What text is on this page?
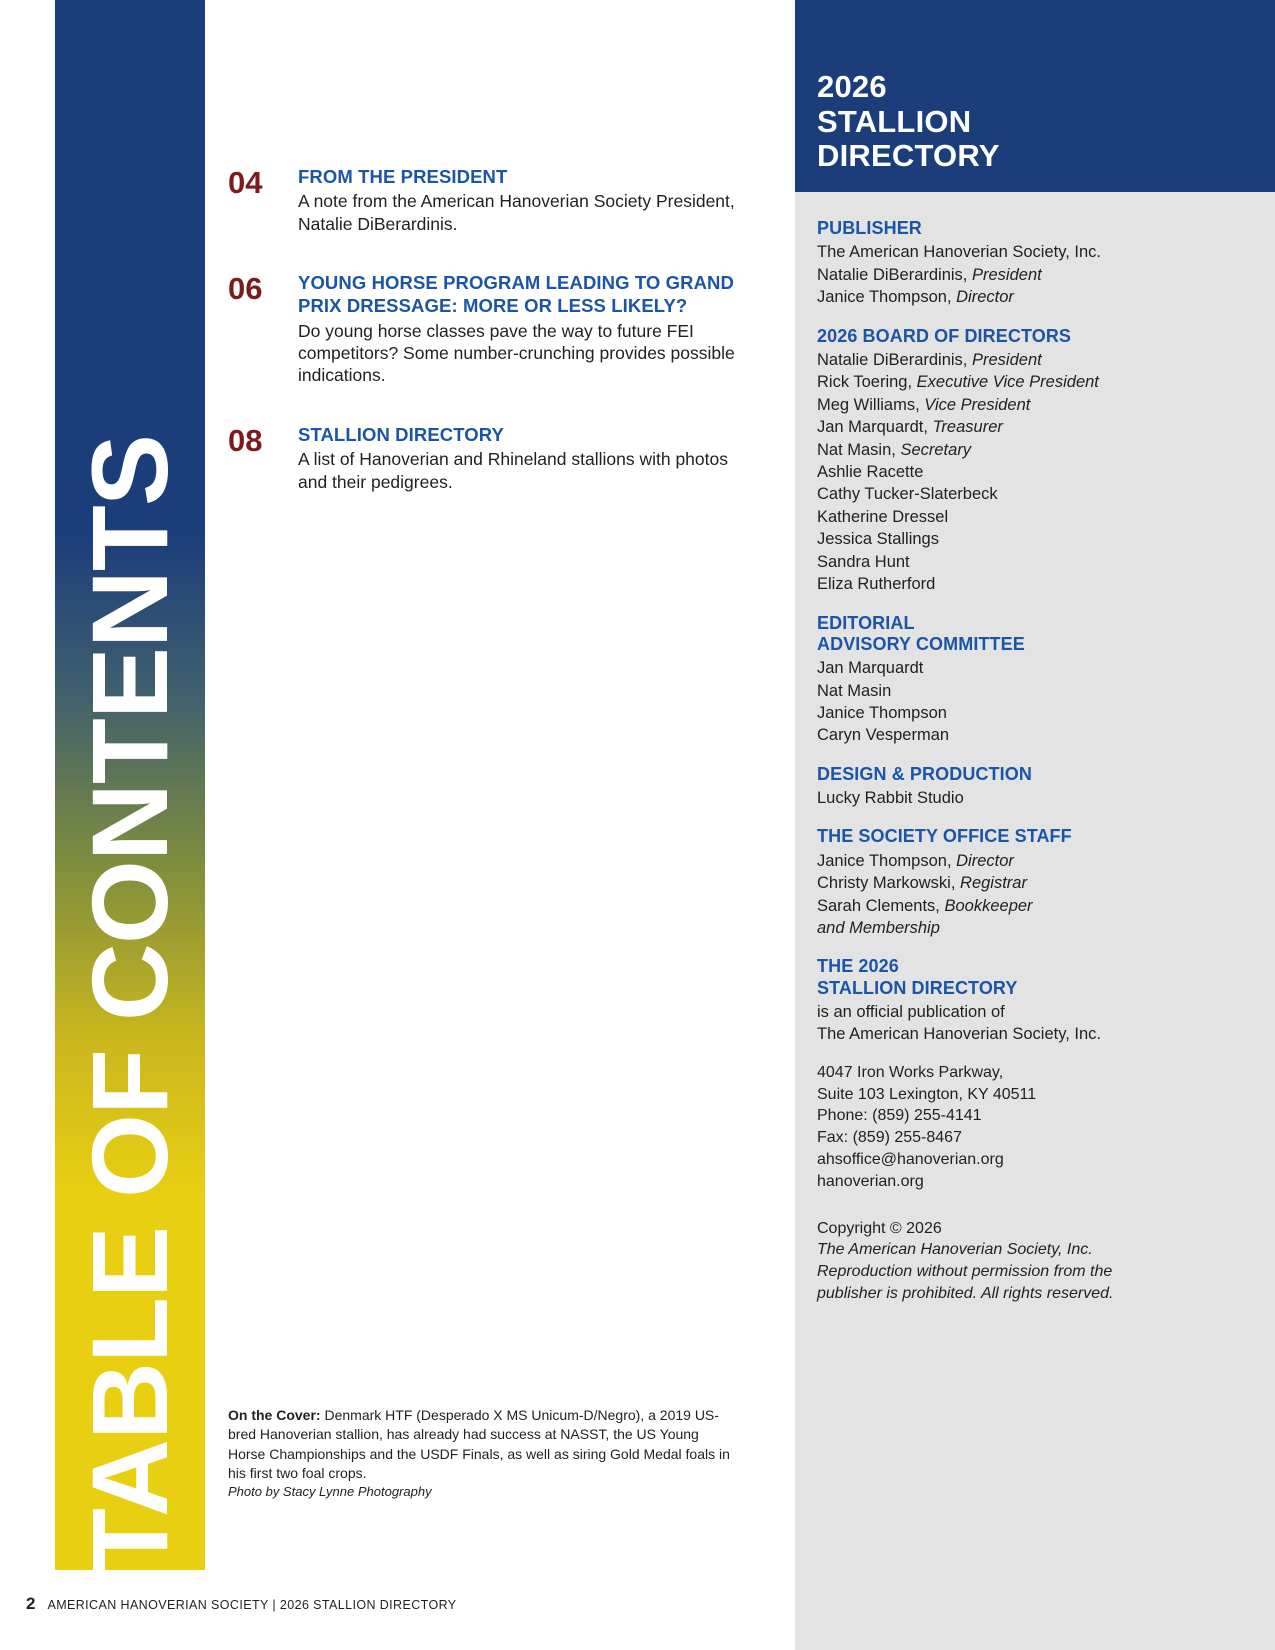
TABLE OF CONTENTS
04	FROM THE PRESIDENT
A note from the American Hanoverian Society President, Natalie DiBerardinis.
06	YOUNG HORSE PROGRAM LEADING TO GRAND PRIX DRESSAGE: MORE OR LESS LIKELY?
Do young horse classes pave the way to future FEI competitors? Some number-crunching provides possible indications.
08	STALLION DIRECTORY
A list of Hanoverian and Rhineland stallions with photos and their pedigrees.
On the Cover: Denmark HTF (Desperado X MS Unicum-D/Negro), a 2019 US-bred Hanoverian stallion, has already had success at NASST, the US Young Horse Championships and the USDF Finals, as well as siring Gold Medal foals in his first two foal crops.
Photo by Stacy Lynne Photography
2 AMERICAN HANOVERIAN SOCIETY | 2026 STALLION DIRECTORY
2026
STALLION
DIRECTORY
PUBLISHER

The American Hanoverian Society, Inc.

Natalie DiBerardinis, President

Janice Thompson, Director

2026 BOARD OF DIRECTORS

Natalie DiBerardinis, President

Rick Toering, Executive Vice President

Meg Williams, Vice President

Jan Marquardt, Treasurer

Nat Masin, Secretary

Ashlie Racette

Cathy Tucker-Slaterbeck

Katherine Dressel

Jessica Stallings

Sandra Hunt

Eliza Rutherford

EDITORIAL
ADVISORY COMMITTEE

Jan Marquardt

Nat Masin

Janice Thompson

Caryn Vesperman

DESIGN & PRODUCTION

Lucky Rabbit Studio

THE SOCIETY OFFICE STAFF

Janice Thompson, Director

Christy Markowski, Registrar

Sarah Clements, Bookkeeper

and Membership

THE 2026
STALLION DIRECTORY

is an official publication of

The American Hanoverian Society, Inc.

4047 Iron Works Parkway,

Suite 103 Lexington, KY 40511

Phone: (859) 255-4141

Fax: (859) 255-8467

ahsoffice@hanoverian.org

hanoverian.org

Copyright © 2026

The American Hanoverian Society, Inc.

Reproduction without permission from the

publisher is prohibited. All rights reserved.
